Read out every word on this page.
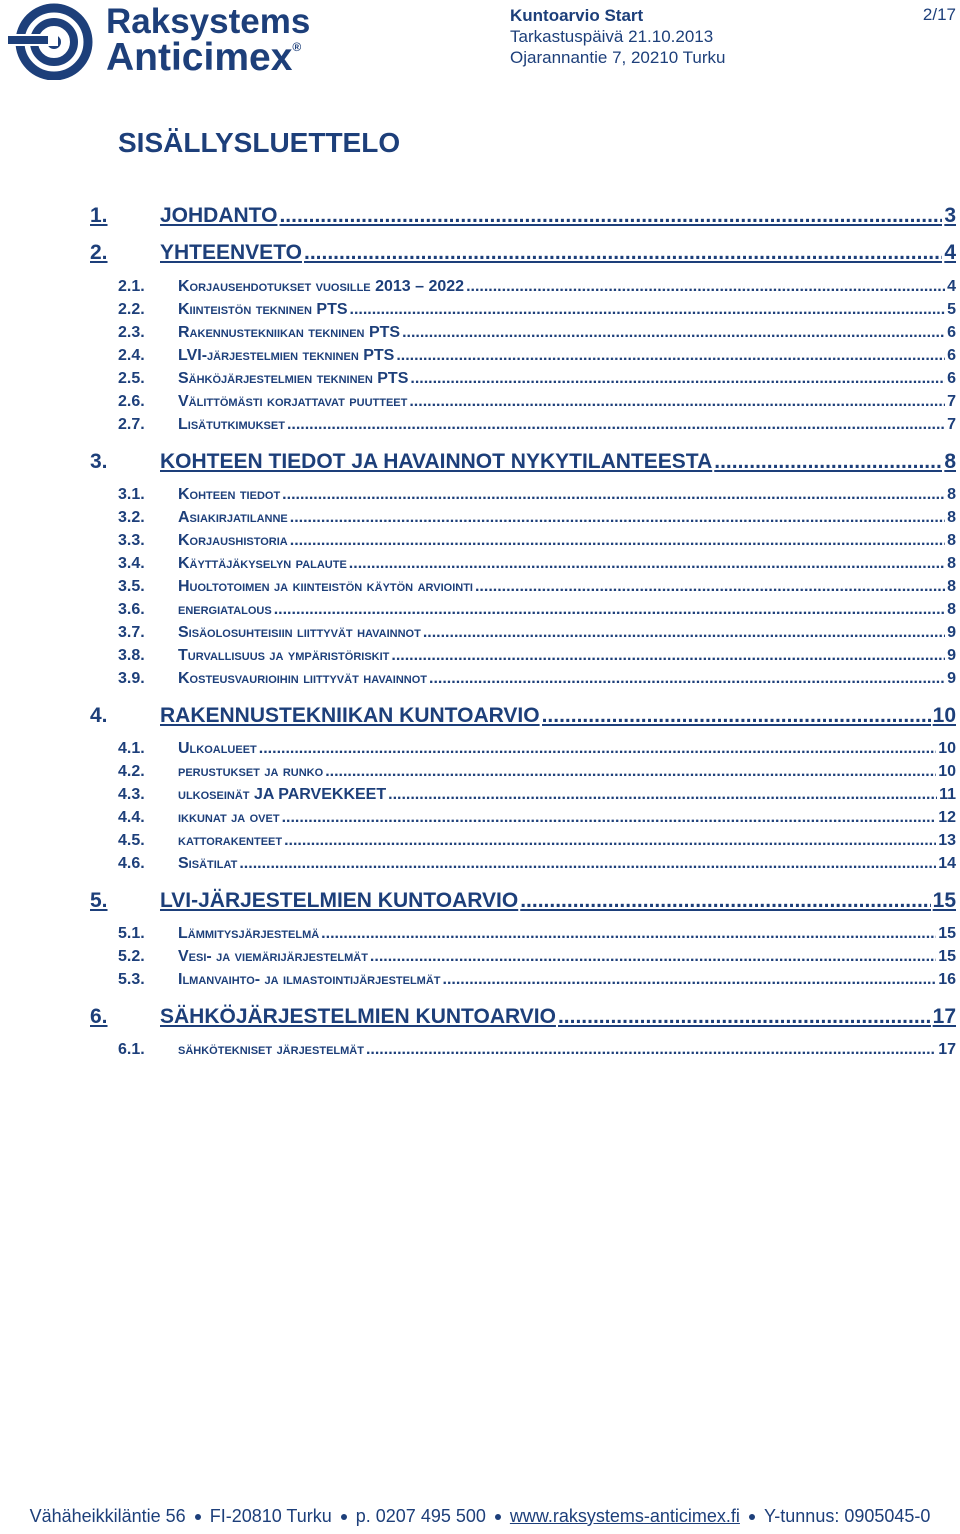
Raksystems
Anticimex®
Kuntoarvio Start
Tarkastuspäivä 21.10.2013
Ojarannantie 7, 20210 Turku
2/17
SISÄLLYSLUETTELO
1. JOHDANTO .....	3
2. YHTEENVETO .....	4
2.1. Korjausehdotukset vuosille 2013 – 2022 .....	4
2.2. Kiinteistön tekninen PTS .....	5
2.3. Rakennustekniikan tekninen PTS .....	6
2.4. LVI-järjestelmien tekninen PTS .....	6
2.5. Sähköjärjestelmien tekninen PTS .....	6
2.6. Välittömästi korjattavat puutteet .....	7
2.7. Lisätutkimukset .....	7
3. KOHTEEN TIEDOT JA HAVAINNOT NYKYTILANTEESTA .....	8
3.1. Kohteen tiedot .....	8
3.2. Asiakirjatilanne .....	8
3.3. Korjaushistoria .....	8
3.4. Käyttäjäkyselyn palaute .....	8
3.5. Huoltotoimen ja kiinteistön käytön arviointi .....	8
3.6. energiatalous .....	8
3.7. Sisäolosuhteisiin liittyvät havainnot .....	9
3.8. Turvallisuus ja ympäristöriskit .....	9
3.9. Kosteusvaurioihin liittyvät havainnot .....	9
4. RAKENNUSTEKNIIKAN KUNTOARVIO .....	10
4.1. Ulkoalueet .....	10
4.2. perustukset ja runko .....	10
4.3. ulkoseinät JA PARVEKKEET .....	11
4.4. ikkunat ja ovet .....	12
4.5. kattorakenteet .....	13
4.6. Sisätilat .....	14
5. LVI-JÄRJESTELMIEN KUNTOARVIO .....	15
5.1. Lämmitysjärjestelmä .....	15
5.2. Vesi- ja viemärijärjestelmät .....	15
5.3. Ilmanvaihto- ja ilmastointijärjestelmät .....	16
6. SÄHKÖJÄRJESTELMIEN KUNTOARVIO .....	17
6.1. sähkötekniset järjestelmät .....	17
Vähäheikkiläntie 56 FI-20810 Turku p. 0207 495 500 www.raksystems-anticimex.fi Y-tunnus: 0905045-0
